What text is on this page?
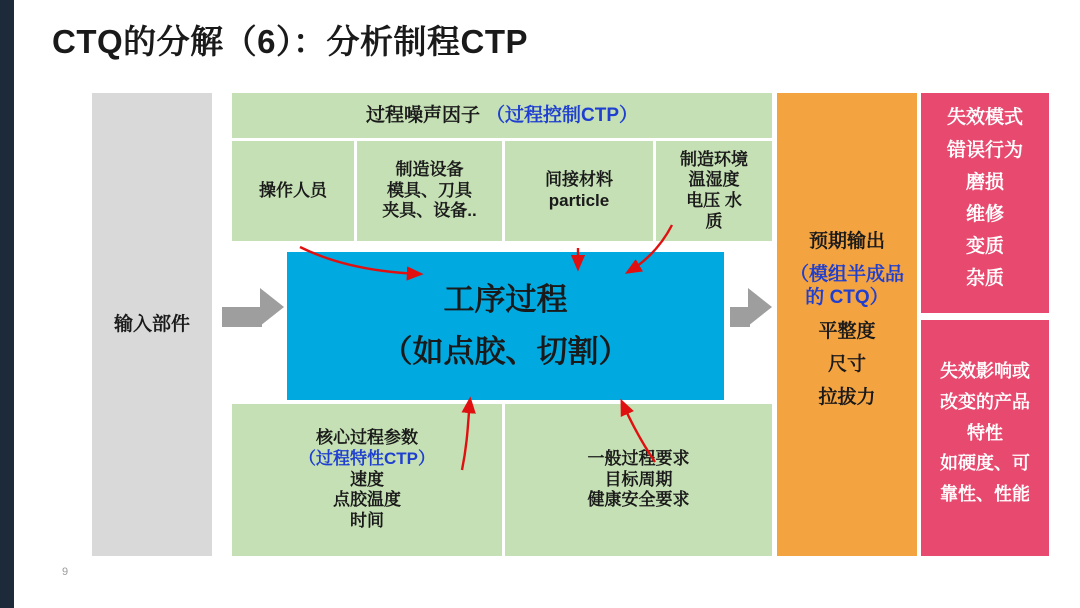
CTQ的分解（6）：分析制程CTP
9
输入部件
过程噪声因子 （过程控制CTP）
操作人员
制造设备
模具、刀具
夹具、设备..
间接材料
particle
制造环境
温湿度
电压 水
质
工序过程
（如点胶、切割）
核心过程参数
（过程特性CTP）
速度
点胶温度
时间
一般过程要求
目标周期
健康安全要求
预期输出
（模组半成品
的 CTQ）
平整度
尺寸
拉拔力
失效模式
错误行为
磨损
维修
变质
杂质
失效影响或
改变的产品
特性
如硬度、可
靠性、性能
